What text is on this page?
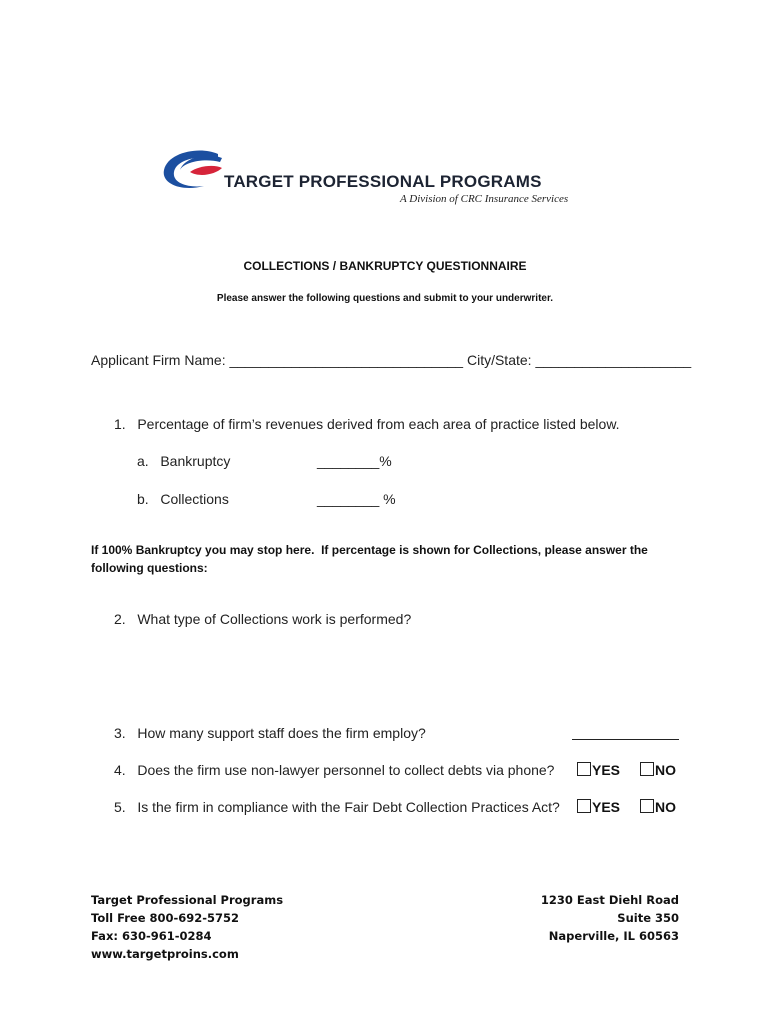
TARGET PROFESSIONAL PROGRAMS
A Division of CRC Insurance Services
COLLECTIONS / BANKRUPTCY QUESTIONNAIRE
Please answer the following questions and submit to your underwriter.
Applicant Firm Name: ______________________________ City/State: ____________________
1.   Percentage of firm’s revenues derived from each area of practice listed below.
a.   Bankruptcy	________%
b.   Collections	________ %
If 100% Bankruptcy you may stop here.  If percentage is shown for Collections, please answer the following questions:
2.   What type of Collections work is performed?
3.   How many support staff does the firm employ?
4.   Does the firm use non-lawyer personnel to collect debts via phone?	YES	NO
5.   Is the firm in compliance with the Fair Debt Collection Practices Act?	YES	NO
Target Professional Programs
Toll Free 800-692-5752
Fax: 630-961-0284
www.targetproins.com
1230 East Diehl Road
Suite 350
Naperville, IL 60563
